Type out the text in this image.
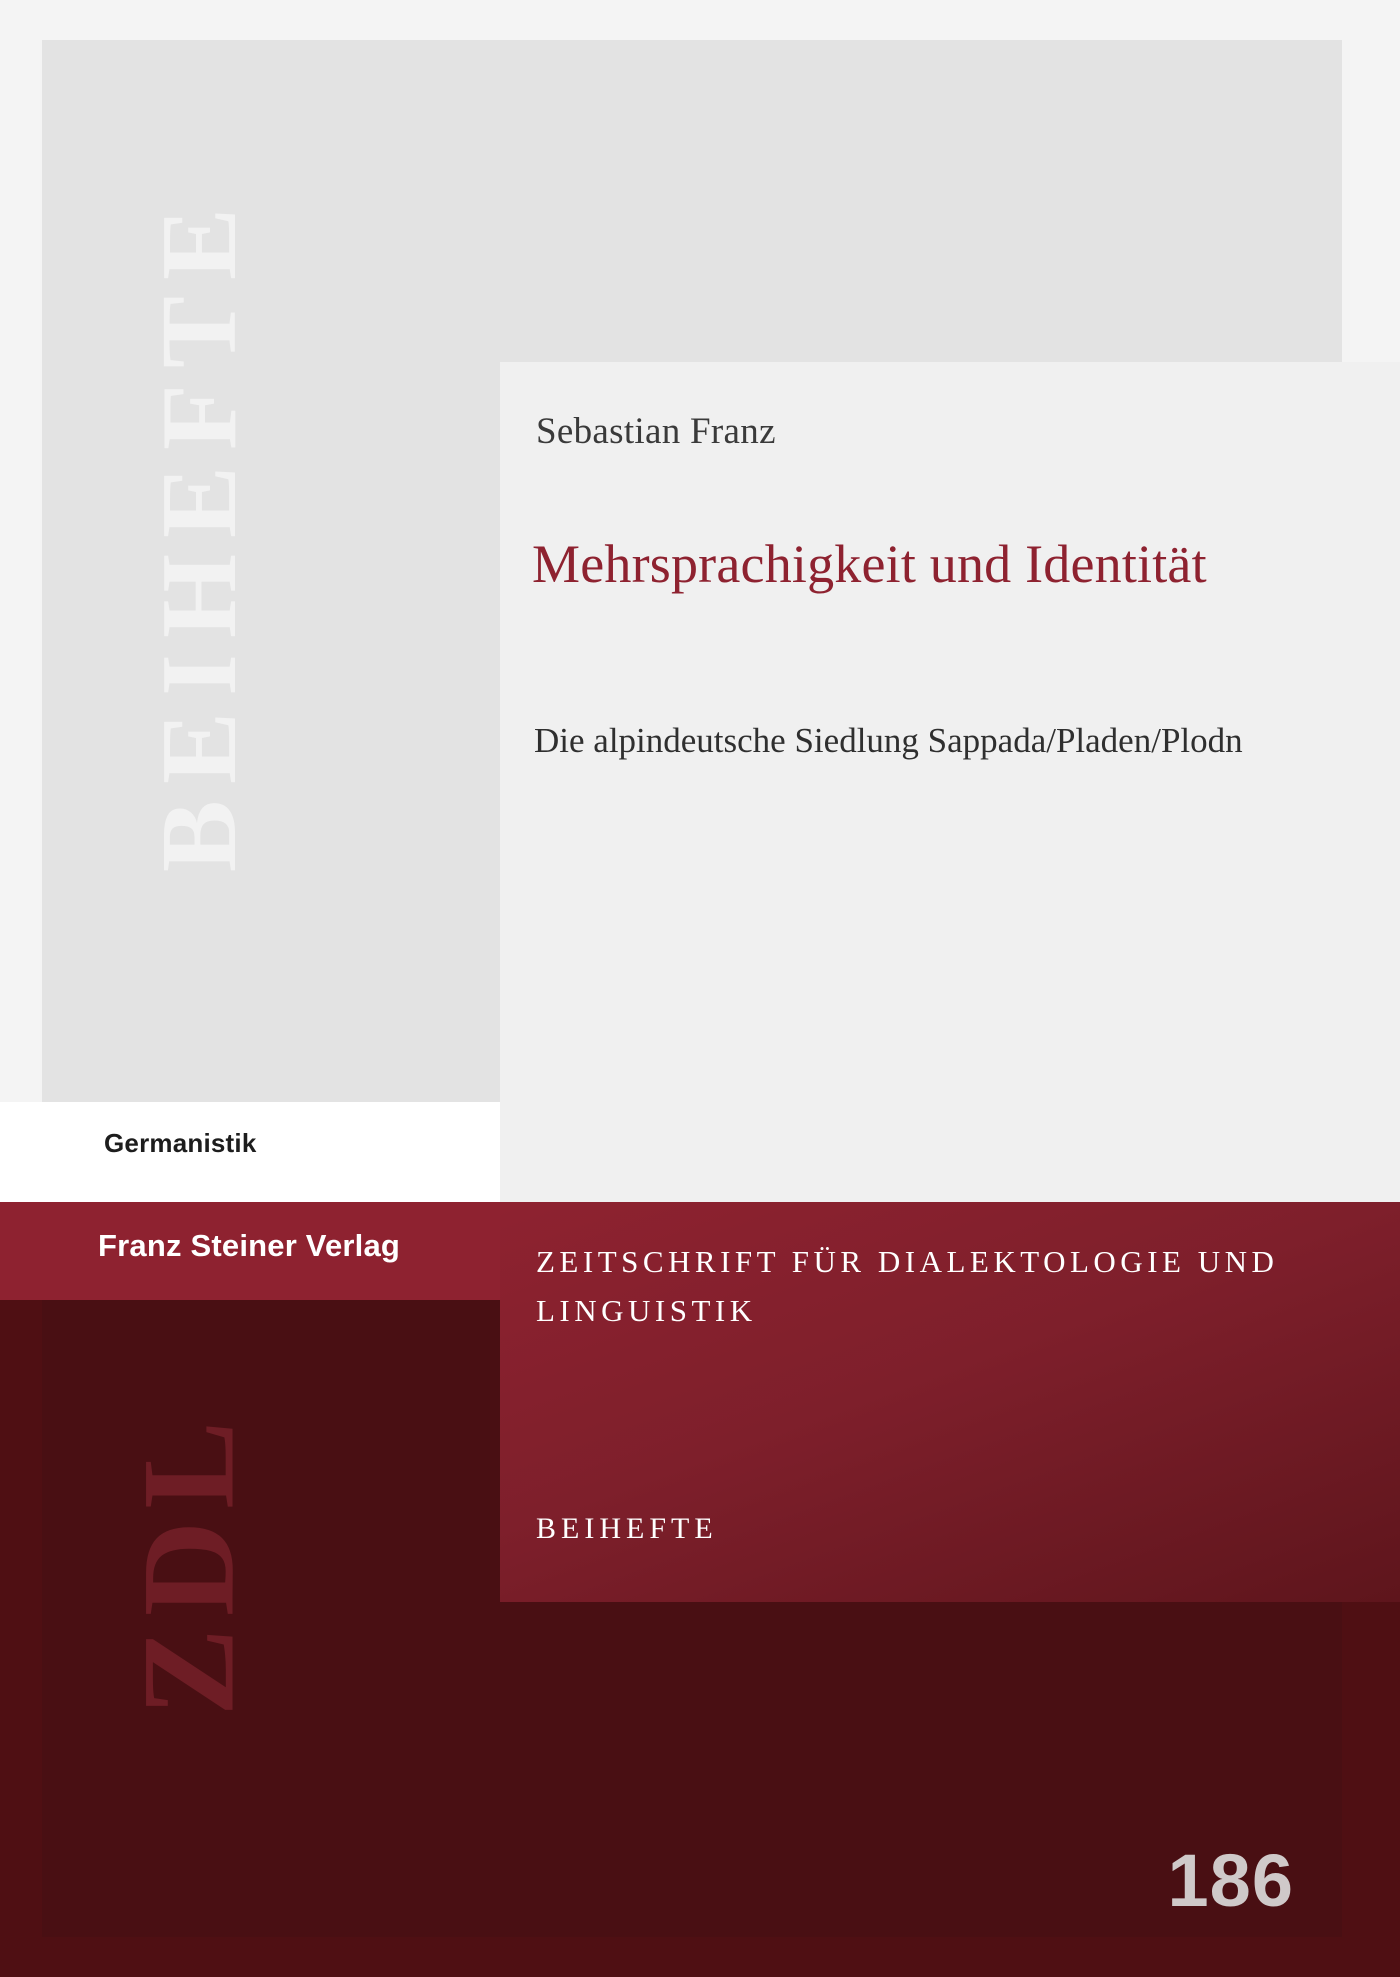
BEIHEFTE	Sebastian Franz
Mehrsprachigkeit und Identität
Die alpindeutsche Siedlung Sappada/Pladen/Plodn
ZDL
ZEITSCHRIFT FÜR DIALEKTOLOGIE UND LINGUISTIK
BEIHEFTE
Germanistik
Franz Steiner Verlag
186
